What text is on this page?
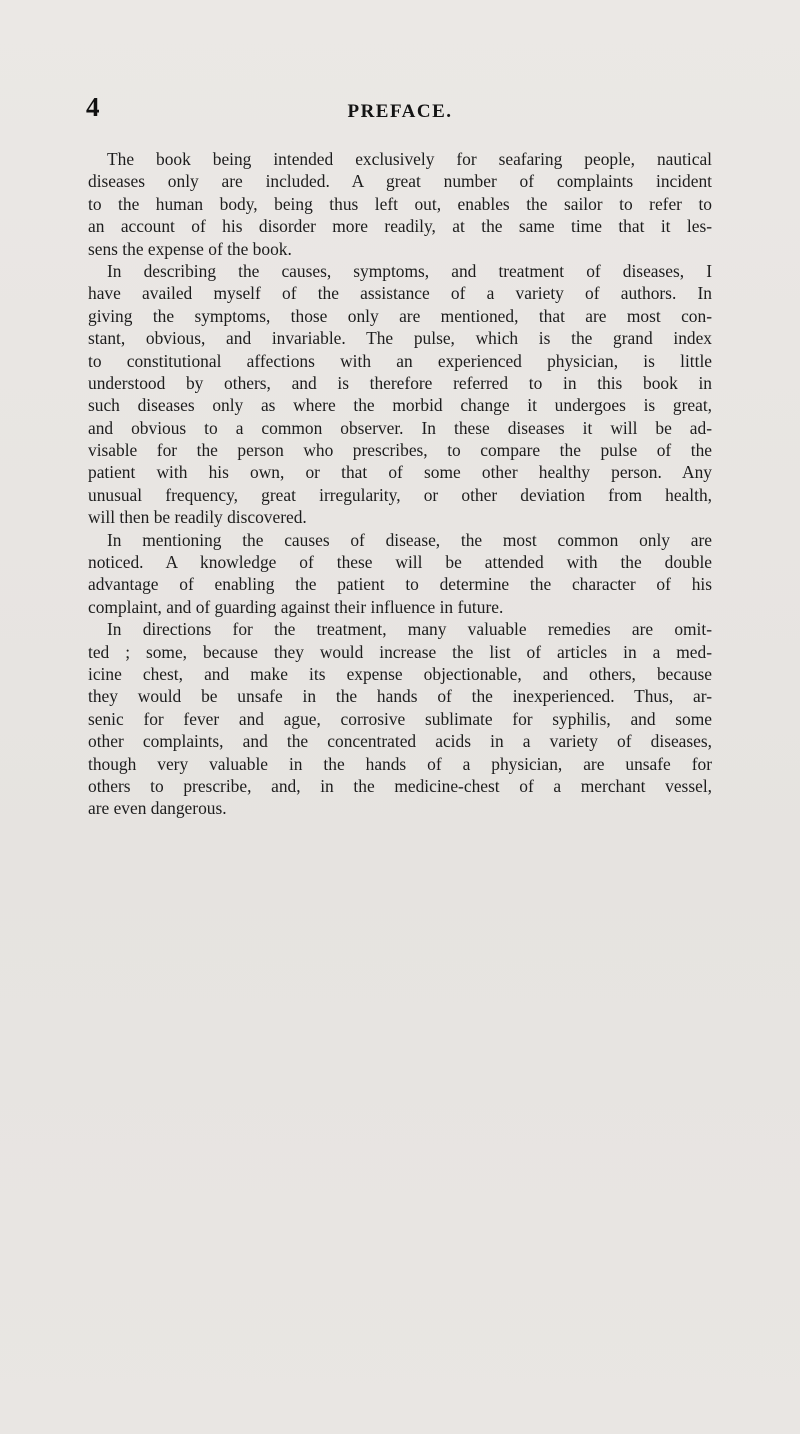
4	PREFACE.
The book being intended exclusively for seafaring people, nautical
diseases only are included. A great number of complaints incident
to the human body, being thus left out, enables the sailor to refer to
an account of his disorder more readily, at the same time that it les-
sens the expense of the book.
In describing the causes, symptoms, and treatment of diseases, I
have availed myself of the assistance of a variety of authors. In
giving the symptoms, those only are mentioned, that are most con-
stant, obvious, and invariable. The pulse, which is the grand index
to constitutional affections with an experienced physician, is little
understood by others, and is therefore referred to in this book in
such diseases only as where the morbid change it undergoes is great,
and obvious to a common observer. In these diseases it will be ad-
visable for the person who prescribes, to compare the pulse of the
patient with his own, or that of some other healthy person. Any
unusual frequency, great irregularity, or other deviation from health,
will then be readily discovered.
In mentioning the causes of disease, the most common only are
noticed. A knowledge of these will be attended with the double
advantage of enabling the patient to determine the character of his
complaint, and of guarding against their influence in future.
In directions for the treatment, many valuable remedies are omit-
ted ; some, because they would increase the list of articles in a med-
icine chest, and make its expense objectionable, and others, because
they would be unsafe in the hands of the inexperienced. Thus, ar-
senic for fever and ague, corrosive sublimate for syphilis, and some
other complaints, and the concentrated acids in a variety of diseases,
though very valuable in the hands of a physician, are unsafe for
others to prescribe, and, in the medicine-chest of a merchant vessel,
are even dangerous.
